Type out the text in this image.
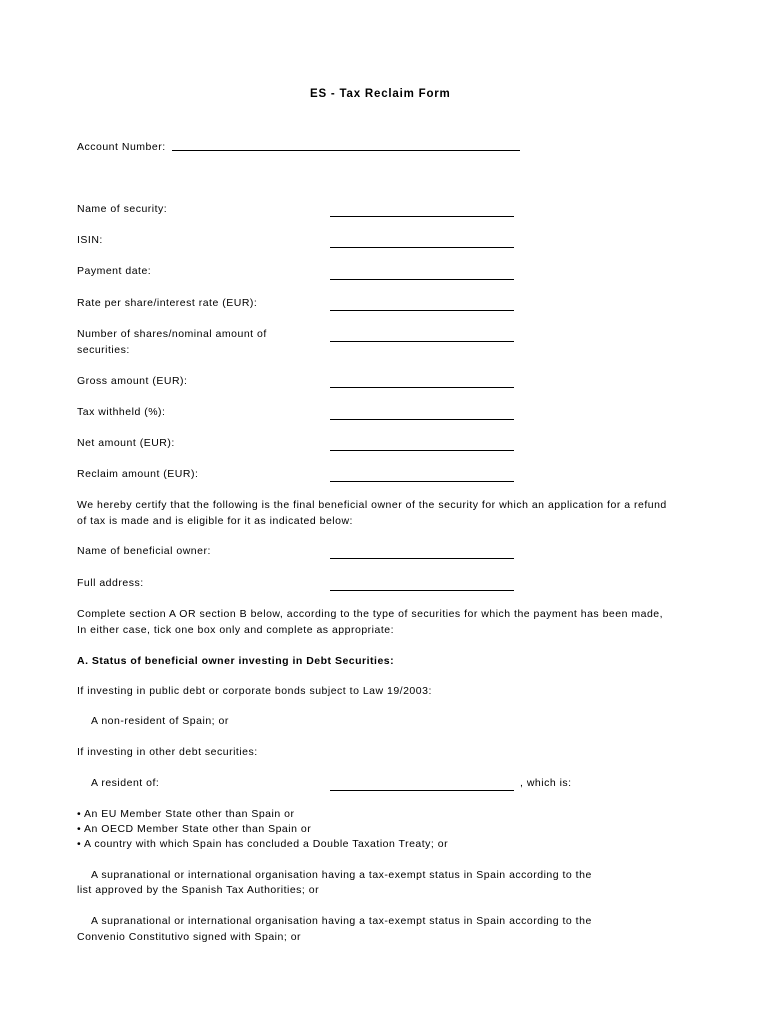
ES - Tax Reclaim Form
Account Number:
Name of security:
ISIN:
Payment date:
Rate per share/interest rate (EUR):
Number of shares/nominal amount of
securities:
Gross amount (EUR):
Tax withheld (%):
Net amount (EUR):
Reclaim amount (EUR):
We hereby certify that the following is the final beneficial owner of the security for which an application for a refund
of tax is made and is eligible for it as indicated below:
Name of beneficial owner:
Full address:
Complete section A OR section B below, according to the type of securities for which the payment has been made,
In either case, tick one box only and complete as appropriate:
A. Status of beneficial owner investing in Debt Securities:
If investing in public debt or corporate bonds subject to Law 19/2003:
A non-resident of Spain; or
If investing in other debt securities:
A resident of:	, which is:
• An EU Member State other than Spain or
• An OECD Member State other than Spain or
• A country with which Spain has concluded a Double Taxation Treaty; or
A supranational or international organisation having a tax-exempt status in Spain according to the
list approved by the Spanish Tax Authorities; or
A supranational or international organisation having a tax-exempt status in Spain according to the
Convenio Constitutivo signed with Spain; or
